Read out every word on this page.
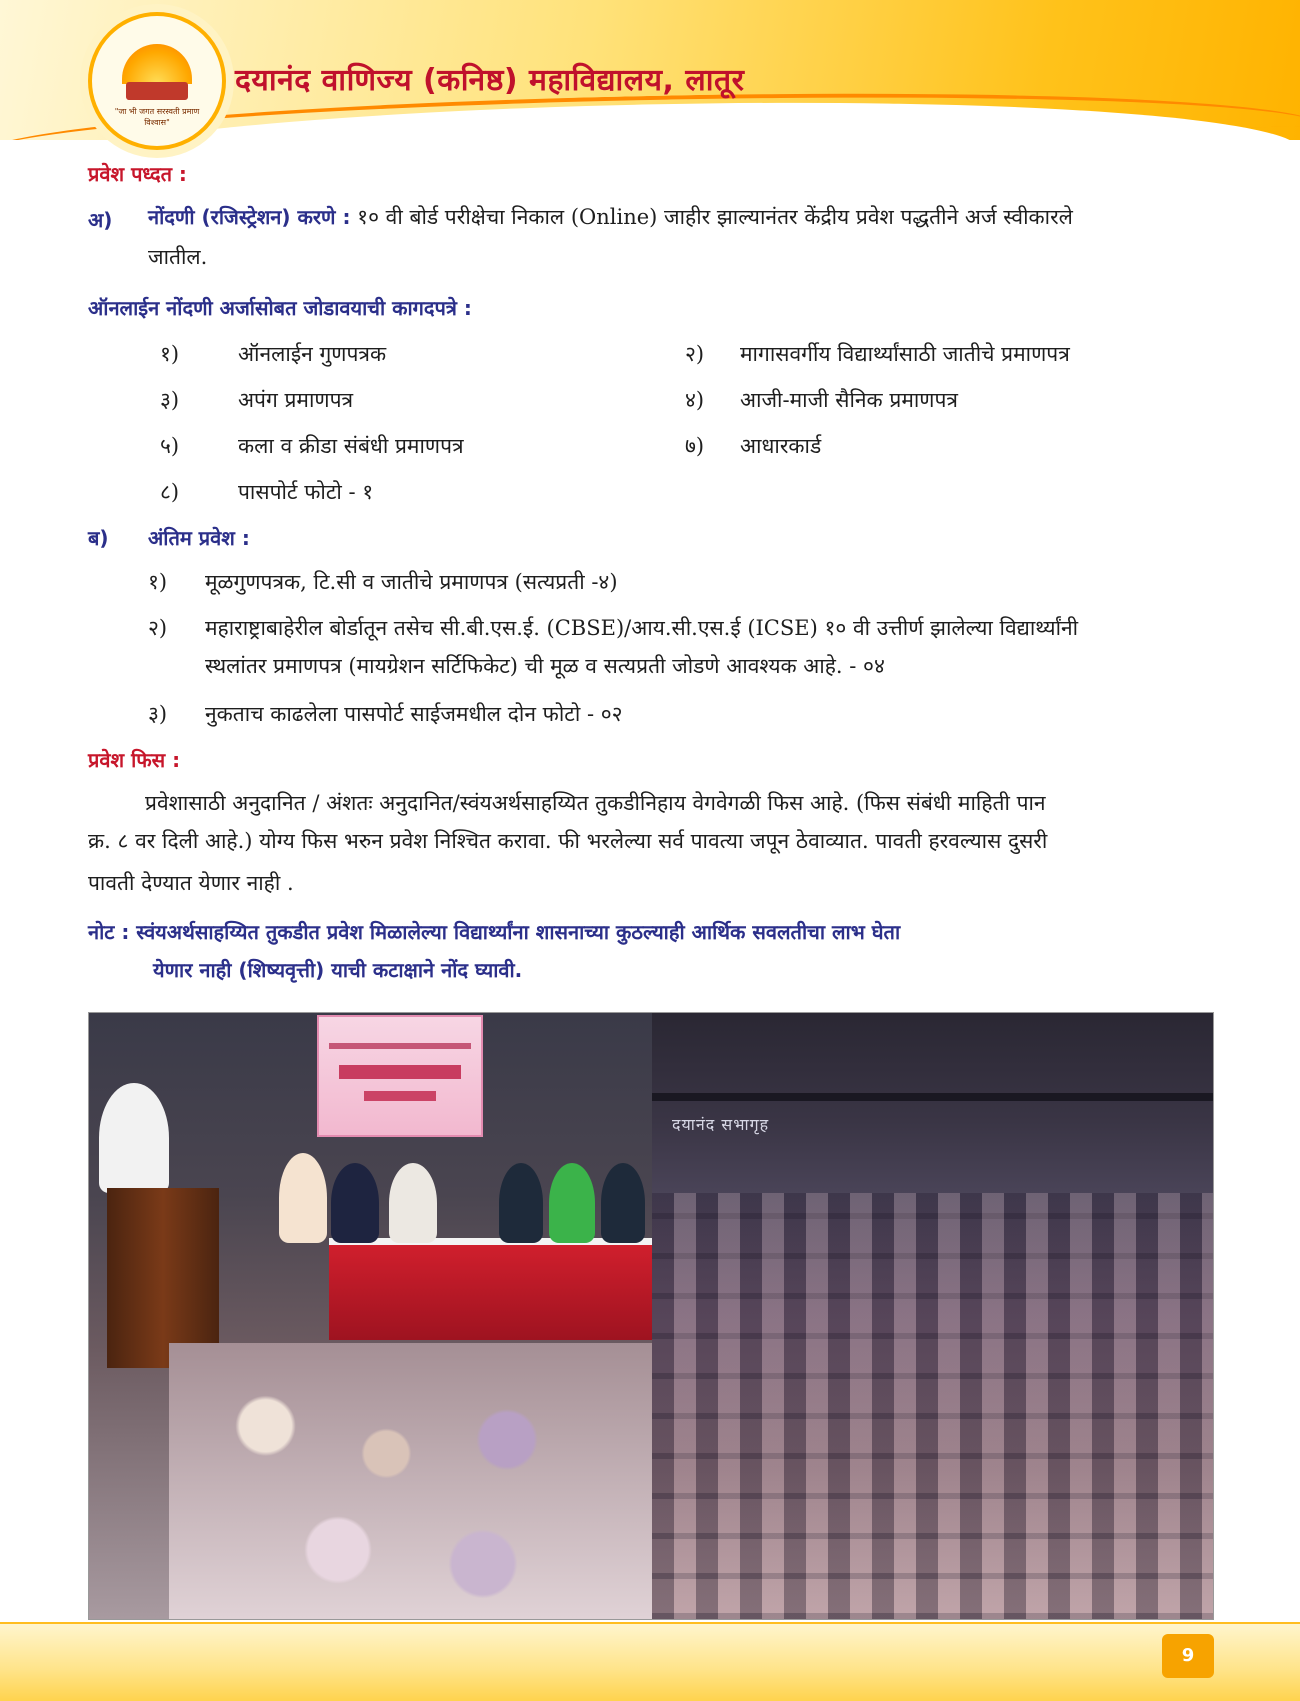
"जा भी जगत सरस्वती प्रमाण विश्वास"
दयानंद वाणिज्य (कनिष्ठ) महाविद्यालय, लातूर
प्रवेश पध्दत :
अ) नोंदणी (रजिस्ट्रेशन) करणे : १० वी बोर्ड परीक्षेचा निकाल (Online) जाहीर झाल्यानंतर केंद्रीय प्रवेश पद्धतीने अर्ज स्वीकारले
जातील.
ऑनलाईन नोंदणी अर्जासोबत जोडावयाची कागदपत्रे :
१)	ऑनलाईन गुणपत्रक	२) मागासवर्गीय विद्यार्थ्यांसाठी जातीचे प्रमाणपत्र
३)	अपंग प्रमाणपत्र	४) आजी-माजी सैनिक प्रमाणपत्र
५)	कला व क्रीडा संबंधी प्रमाणपत्र	७) आधारकार्ड
८)	पासपोर्ट फोटो - १
ब) अंतिम प्रवेश :
१) मूळगुणपत्रक, टि.सी व जातीचे प्रमाणपत्र (सत्यप्रती -४)
२) महाराष्ट्राबाहेरील बोर्डातून तसेच सी.बी.एस.ई. (CBSE)/आय.सी.एस.ई (ICSE) १० वी उत्तीर्ण झालेल्या विद्यार्थ्यांनी
स्थलांतर प्रमाणपत्र (मायग्रेशन सर्टिफिकेट) ची मूळ व सत्यप्रती जोडणे आवश्यक आहे. - ०४
३) नुकताच काढलेला पासपोर्ट साईजमधील दोन फोटो - ०२
प्रवेश फिस :
प्रवेशासाठी अनुदानित / अंशतः अनुदानित/स्वंयअर्थसाहय्यित तुकडीनिहाय वेगवेगळी फिस आहे. (फिस संबंधी माहिती पान
क्र. ८ वर दिली आहे.) योग्य फिस भरुन प्रवेश निश्चित करावा. फी भरलेल्या सर्व पावत्या जपून ठेवाव्यात. पावती हरवल्यास दुसरी
पावती देण्यात येणार नाही .
नोट : स्वंयअर्थसाहय्यित तुकडीत प्रवेश मिळालेल्या विद्यार्थ्यांना शासनाच्या कुठल्याही आर्थिक सवलतीचा लाभ घेता
येणार नाही (शिष्यवृत्ती) याची कटाक्षाने नोंद घ्यावी.
दयानंद सभागृह
9
